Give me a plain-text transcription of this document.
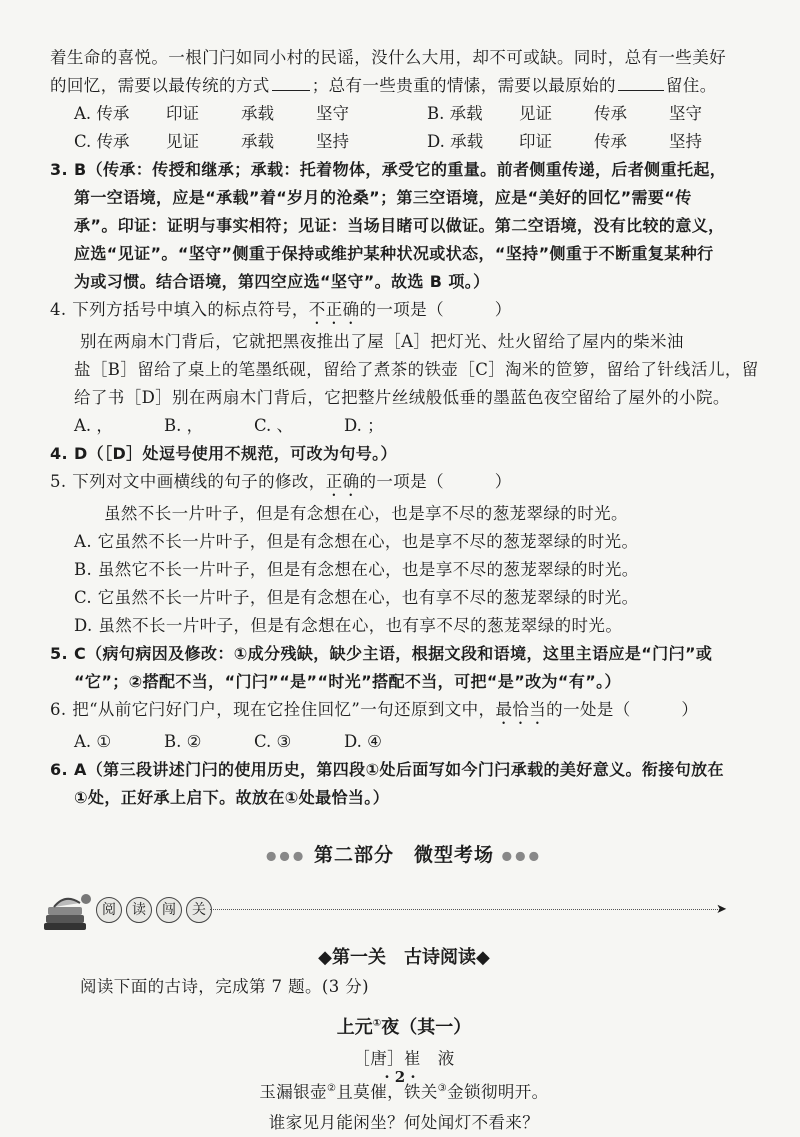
着生命的喜悦。一根门闩如同小村的民谣，没什么大用，却不可或缺。同时，总有一些美好

的回忆，需要以最传统的方式	；总有一些贵重的情愫，需要以最原始的	留住。

A. 传承	印证	承载	坚守	B. 承载	见证	传承	坚守
C. 传承	见证	承载	坚持	D. 承载	印证	传承	坚持

3. B（传承：传授和继承；承载：托着物体，承受它的重量。前者侧重传递，后者侧重托起，

第一空语境，应是“承载”着“岁月的沧桑”；第三空语境，应是“美好的回忆”需要“传

承”。印证：证明与事实相符；见证：当场目睹可以做证。第二空语境，没有比较的意义，

应选“见证”。“坚守”侧重于保持或维护某种状况或状态，“坚持”侧重于不断重复某种行

为或习惯。结合语境，第四空应选“坚守”。故选 B 项。）

4. 下列方括号中填入的标点符号，不正确的一项是（　　　）

别在两扇木门背后，它就把黑夜推出了屋［A］把灯光、灶火留给了屋内的柴米油

盐［B］留给了桌上的笔墨纸砚，留给了煮茶的铁壶［C］淘米的笸箩，留给了针线活儿，留

给了书［D］别在两扇木门背后，它把整片丝绒般低垂的墨蓝色夜空留给了屋外的小院。

A. ，	B. ，	C. 、	D. ；

4. D（［D］处逗号使用不规范，可改为句号。）

5. 下列对文中画横线的句子的修改，正确的一项是（　　　）

虽然不长一片叶子，但是有念想在心，也是享不尽的葱茏翠绿的时光。

A. 它虽然不长一片叶子，但是有念想在心，也是享不尽的葱茏翠绿的时光。

B. 虽然它不长一片叶子，但是有念想在心，也是享不尽的葱茏翠绿的时光。

C. 它虽然不长一片叶子，但是有念想在心，也有享不尽的葱茏翠绿的时光。

D. 虽然不长一片叶子，但是有念想在心，也有享不尽的葱茏翠绿的时光。

5. C（病句病因及修改：①成分残缺，缺少主语，根据文段和语境，这里主语应是“门闩”或

“它”；②搭配不当，“门闩”“是”“时光”搭配不当，可把“是”改为“有”。）

6. 把“从前它闩好门户，现在它拴住回忆”一句还原到文中，最恰当的一处是（　　　）

A. ①	B. ②	C. ③	D. ④

6. A（第三段讲述门闩的使用历史，第四段①处后面写如今门闩承载的美好意义。衔接句放在

①处，正好承上启下。故放在①处最恰当。）

●●● 第二部分　微型考场 ●●●
阅	读	闯	关	➤
◆第一关　古诗阅读◆

阅读下面的古诗，完成第 7 题。(3 分)

上元①夜（其一）

［唐］崔　液

玉漏银壶②且莫催，铁关③金锁彻明开。

谁家见月能闲坐？何处闻灯不看来？

· 2 ·
